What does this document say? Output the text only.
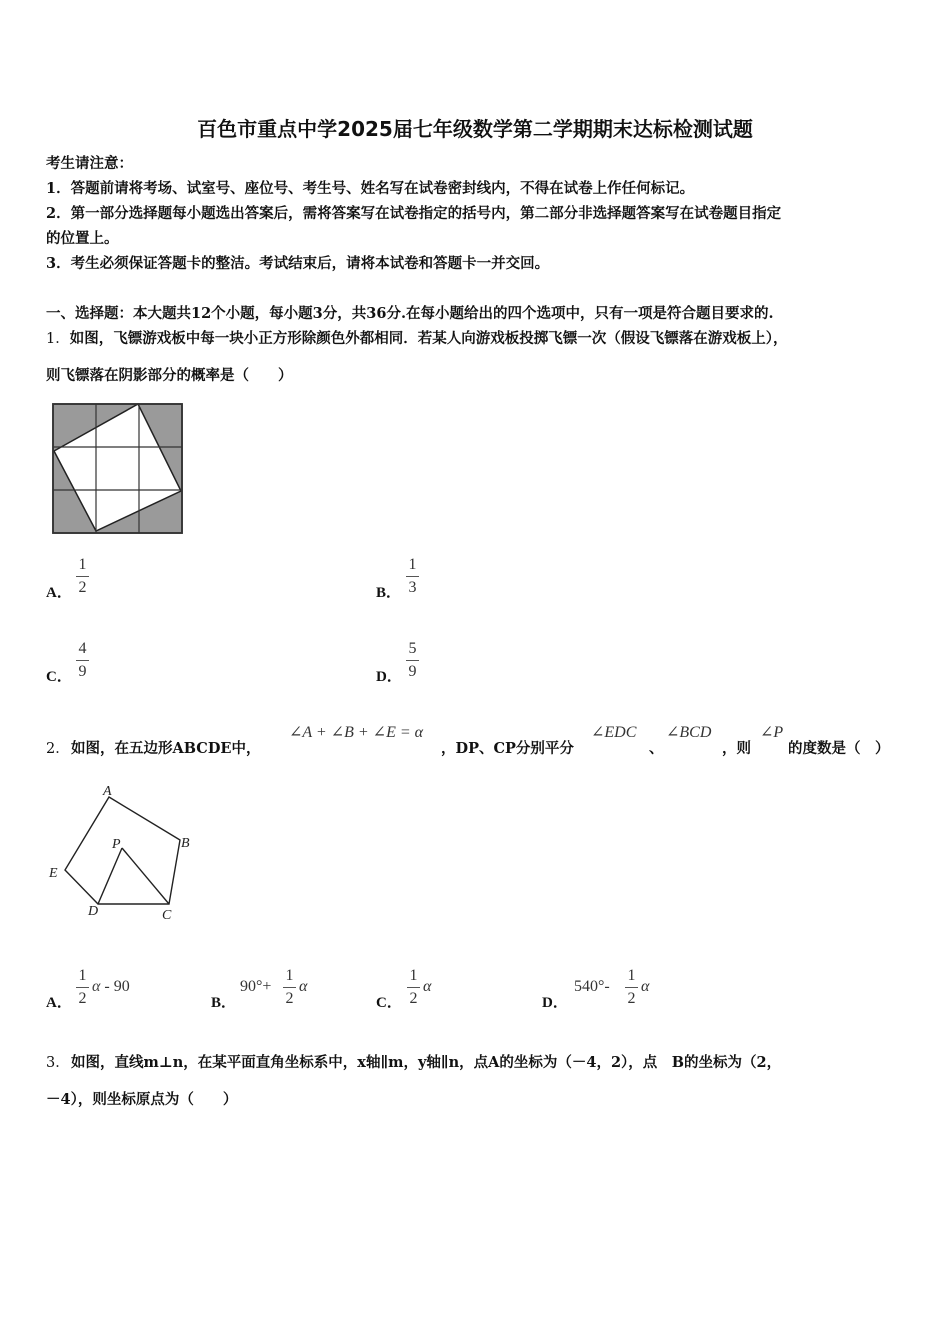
百色市重点中学2025届七年级数学第二学期期末达标检测试题
考生请注意：
1．答题前请将考场、试室号、座位号、考生号、姓名写在试卷密封线内，不得在试卷上作任何标记。
2．第一部分选择题每小题选出答案后，需将答案写在试卷指定的括号内，第二部分非选择题答案写在试卷题目指定
的位置上。
3．考生必须保证答题卡的整洁。考试结束后，请将本试卷和答题卡一并交回。
一、选择题：本大题共12个小题，每小题3分，共36分.在每小题给出的四个选项中，只有一项是符合题目要求的.
1．如图，飞镖游戏板中每一块小正方形除颜色外都相同．若某人向游戏板投掷飞镖一次（假设飞镖落在游戏板上），
则飞镖落在阴影部分的概率是（　　）
A．
1
2	B．
1
3
C．
4
9	D．
5
9
2． 如图，在五边形ABCDE中，
∠A + ∠B + ∠E = α
，DP、CP分别平分
∠EDC
、
∠BCD
，则
∠P
的度数是（　）
A
B
C
D
E
P
A．
1
2
α - 90
B．
90°+
1
2
α
C．
1
2
α
D．
540°-
1
2
α
3． 如图，直线m⊥n，在某平面直角坐标系中，x轴∥m，y轴∥n，点A的坐标为（－4，2），点　B的坐标为（2，
－4），则坐标原点为（　　）
